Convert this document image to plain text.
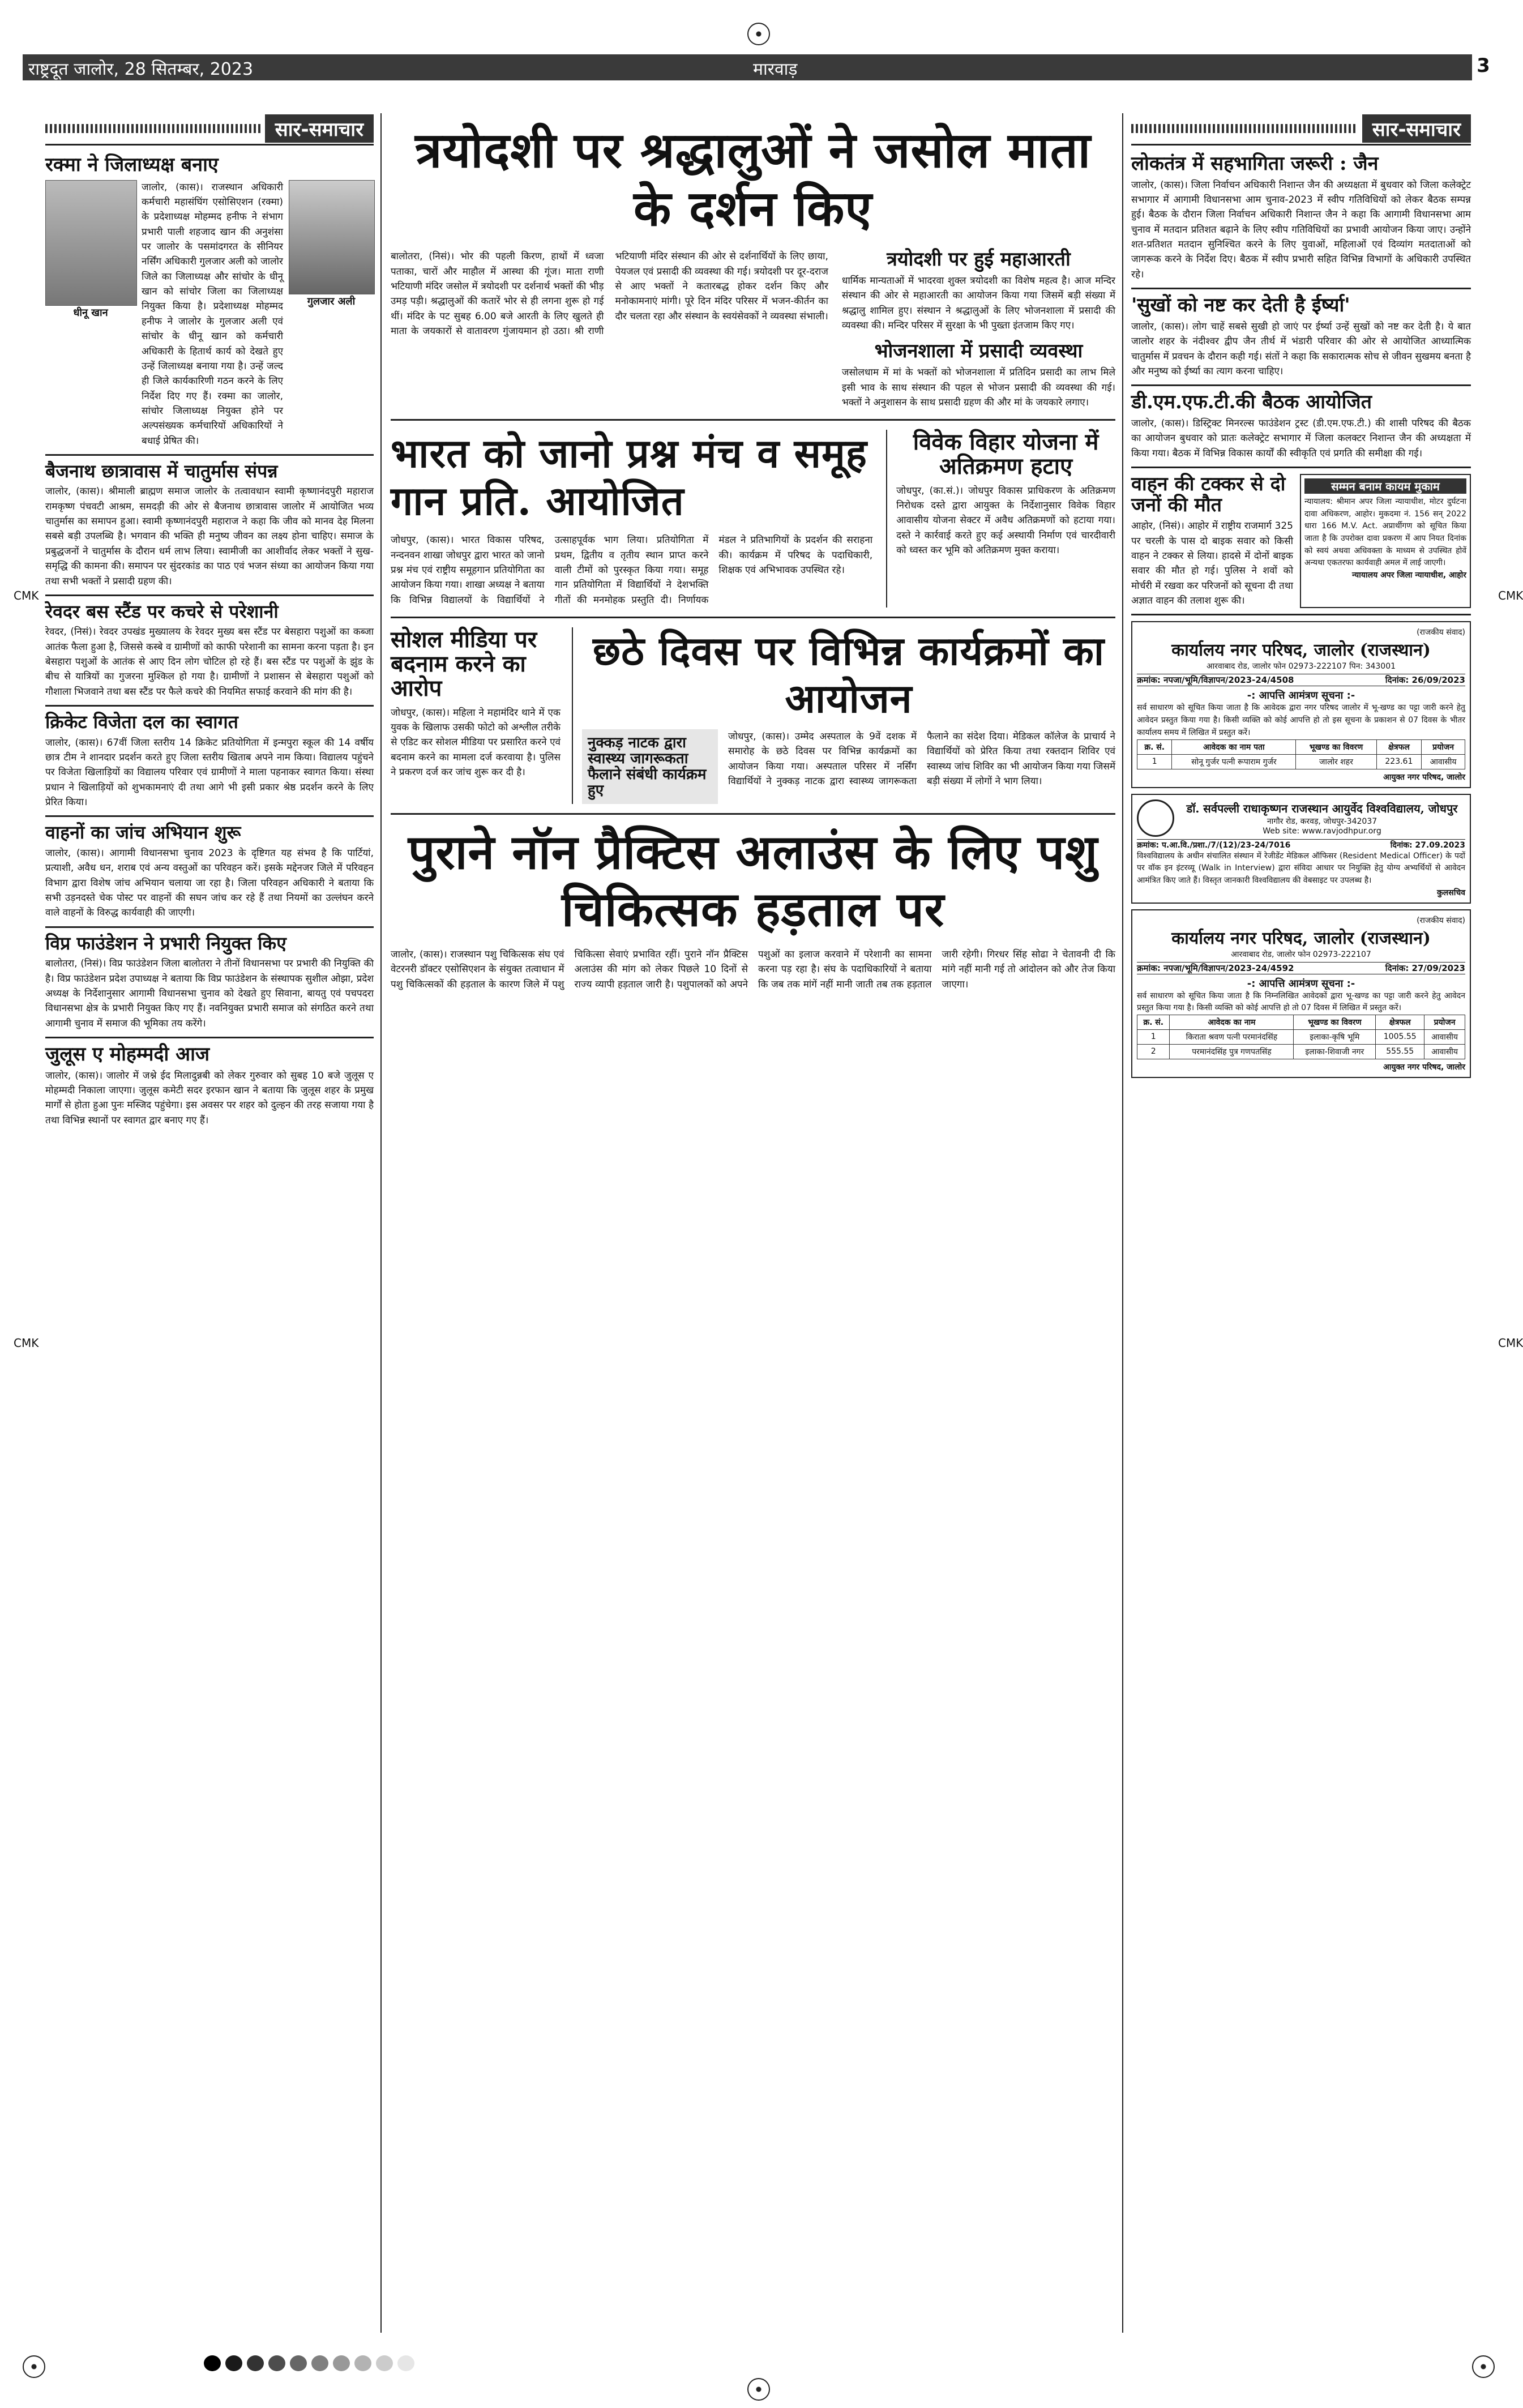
राष्ट्रदूत जालोर, 28 सितम्बर, 2023	मारवाड़	3
CMK	CMK
CMK	CMK
सार-समाचार
रक्मा ने जिलाध्यक्ष बनाए
धीनू खान

जालोर, (कास)। राजस्थान अधिकारी कर्मचारी महासंघिंग एसोसिएशन (रक्मा) के प्रदेशाध्यक्ष मोहम्मद हनीफ ने संभाग प्रभारी पाली शहजाद खान की अनुशंसा पर जालोर के पसमांदगरत के सीनियर नर्सिंग अधिकारी गुलजार अली को जालोर जिले का जिलाध्यक्ष और सांचोर के धीनू खान को सांचोर जिला का जिलाध्यक्ष नियुक्त किया है। प्रदेशाध्यक्ष मोहम्मद हनीफ ने जालोर के गुलजार अली एवं सांचोर के धीनू खान को कर्मचारी अधिकारी के हितार्थ कार्य को देखते हुए उन्हें जिलाध्यक्ष बनाया गया है। उन्हें जल्द ही जिले कार्यकारिणी गठन करने के लिए निर्देश दिए गए हैं। रक्मा का जालोर, सांचोर जिलाध्यक्ष नियुक्त होने पर अल्पसंख्यक कर्मचारियों अधिकारियों ने बधाई प्रेषित की।

गुलजार अली
बैजनाथ छात्रावास में चातुर्मास संपन्न

जालोर, (कास)। श्रीमाली ब्राह्मण समाज जालोर के तत्वावधान स्वामी कृष्णानंदपुरी महाराज रामकृष्ण पंचवटी आश्रम, समदड़ी की ओर से बैजनाथ छात्रावास जालोर में आयोजित भव्य चातुर्मास का समापन हुआ। स्वामी कृष्णानंदपुरी महाराज ने कहा कि जीव को मानव देह मिलना सबसे बड़ी उपलब्धि है। भगवान की भक्ति ही मनुष्य जीवन का लक्ष्य होना चाहिए। समाज के प्रबुद्धजनों ने चातुर्मास के दौरान धर्म लाभ लिया। स्वामीजी का आशीर्वाद लेकर भक्तों ने सुख-समृद्धि की कामना की। समापन पर सुंदरकांड का पाठ एवं भजन संध्या का आयोजन किया गया तथा सभी भक्तों ने प्रसादी ग्रहण की।

रेवदर बस स्टैंड पर कचरे से परेशानी

रेवदर, (निसं)। रेवदर उपखंड मुख्यालय के रेवदर मुख्य बस स्टैंड पर बेसहारा पशुओं का कब्जा आतंक फैला हुआ है, जिससे कस्बे व ग्रामीणों को काफी परेशानी का सामना करना पड़ता है। इन बेसहारा पशुओं के आतंक से आए दिन लोग चोटिल हो रहे हैं। बस स्टैंड पर पशुओं के झुंड के बीच से यात्रियों का गुजरना मुश्किल हो गया है। ग्रामीणों ने प्रशासन से बेसहारा पशुओं को गौशाला भिजवाने तथा बस स्टैंड पर फैले कचरे की नियमित सफाई करवाने की मांग की है।

क्रिकेट विजेता दल का स्वागत

जालोर, (कास)। 67वीं जिला स्तरीय 14 क्रिकेट प्रतियोगिता में इन्मपुरा स्कूल की 14 वर्षीय छात्र टीम ने शानदार प्रदर्शन करते हुए जिला स्तरीय खिताब अपने नाम किया। विद्यालय पहुंचने पर विजेता खिलाड़ियों का विद्यालय परिवार एवं ग्रामीणों ने माला पहनाकर स्वागत किया। संस्था प्रधान ने खिलाड़ियों को शुभकामनाएं दी तथा आगे भी इसी प्रकार श्रेष्ठ प्रदर्शन करने के लिए प्रेरित किया।

वाहनों का जांच अभियान शुरू

जालोर, (कास)। आगामी विधानसभा चुनाव 2023 के दृष्टिगत यह संभव है कि पार्टियां, प्रत्याशी, अवैध धन, शराब एवं अन्य वस्तुओं का परिवहन करें। इसके मद्देनजर जिले में परिवहन विभाग द्वारा विशेष जांच अभियान चलाया जा रहा है। जिला परिवहन अधिकारी ने बताया कि सभी उड़नदस्ते चेक पोस्ट पर वाहनों की सघन जांच कर रहे हैं तथा नियमों का उल्लंघन करने वाले वाहनों के विरुद्ध कार्यवाही की जाएगी।

विप्र फाउंडेशन ने प्रभारी नियुक्त किए

बालोतरा, (निसं)। विप्र फाउंडेशन जिला बालोतरा ने तीनों विधानसभा पर प्रभारी की नियुक्ति की है। विप्र फाउंडेशन प्रदेश उपाध्यक्ष ने बताया कि विप्र फाउंडेशन के संस्थापक सुशील ओझा, प्रदेश अध्यक्ष के निर्देशानुसार आगामी विधानसभा चुनाव को देखते हुए सिवाना, बायतु एवं पचपदरा विधानसभा क्षेत्र के प्रभारी नियुक्त किए गए हैं। नवनियुक्त प्रभारी समाज को संगठित करने तथा आगामी चुनाव में समाज की भूमिका तय करेंगे।

जुलूस ए मोहम्मदी आज

जालोर, (कास)। जालोर में जश्ने ईद मिलादुन्नबी को लेकर गुरुवार को सुबह 10 बजे जुलूस ए मोहम्मदी निकाला जाएगा। जुलूस कमेटी सदर इरफान खान ने बताया कि जुलूस शहर के प्रमुख मार्गों से होता हुआ पुनः मस्जिद पहुंचेगा। इस अवसर पर शहर को दुल्हन की तरह सजाया गया है तथा विभिन्न स्थानों पर स्वागत द्वार बनाए गए हैं।

त्रयोदशी पर श्रद्धालुओं ने जसोल माता के दर्शन किए

बालोतरा, (निसं)। भोर की पहली किरण, हाथों में ध्वजा पताका, चारों और माहौल में आस्था की गूंज। माता राणी भटियाणी मंदिर जसोल में त्रयोदशी पर दर्शनार्थ भक्तों की भीड़ उमड़ पड़ी। श्रद्धालुओं की कतारें भोर से ही लगना शुरू हो गई थीं। मंदिर के पट सुबह 6.00 बजे आरती के लिए खुलते ही माता के जयकारों से वातावरण गुंजायमान हो उठा। श्री राणी भटियाणी मंदिर संस्थान की ओर से दर्शनार्थियों के लिए छाया, पेयजल एवं प्रसादी की व्यवस्था की गई। त्रयोदशी पर दूर-दराज से आए भक्तों ने कतारबद्ध होकर दर्शन किए और मनोकामनाएं मांगी। पूरे दिन मंदिर परिसर में भजन-कीर्तन का दौर चलता रहा और संस्थान के स्वयंसेवकों ने व्यवस्था संभाली।

त्रयोदशी पर हुई महाआरती

धार्मिक मान्यताओं में भादरवा शुक्ल त्रयोदशी का विशेष महत्व है। आज मन्दिर संस्थान की ओर से महाआरती का आयोजन किया गया जिसमें बड़ी संख्या में श्रद्धालु शामिल हुए। संस्थान ने श्रद्धालुओं के लिए भोजनशाला में प्रसादी की व्यवस्था की। मन्दिर परिसर में सुरक्षा के भी पुख्ता इंतजाम किए गए।

भोजनशाला में प्रसादी व्यवस्था

जसोलधाम में मां के भक्तों को भोजनशाला में प्रतिदिन प्रसादी का लाभ मिले इसी भाव के साथ संस्थान की पहल से भोजन प्रसादी की व्यवस्था की गई। भक्तों ने अनुशासन के साथ प्रसादी ग्रहण की और मां के जयकारे लगाए।

भारत को जानो प्रश्न मंच व समूह गान प्रति. आयोजित

जोधपुर, (कास)। भारत विकास परिषद, नन्दनवन शाखा जोधपुर द्वारा भारत को जानो प्रश्न मंच एवं राष्ट्रीय समूहगान प्रतियोगिता का आयोजन किया गया। शाखा अध्यक्ष ने बताया कि विभिन्न विद्यालयों के विद्यार्थियों ने उत्साहपूर्वक भाग लिया। प्रतियोगिता में प्रथम, द्वितीय व तृतीय स्थान प्राप्त करने वाली टीमों को पुरस्कृत किया गया। समूह गान प्रतियोगिता में विद्यार्थियों ने देशभक्ति गीतों की मनमोहक प्रस्तुति दी। निर्णायक मंडल ने प्रतिभागियों के प्रदर्शन की सराहना की। कार्यक्रम में परिषद के पदाधिकारी, शिक्षक एवं अभिभावक उपस्थित रहे।

विवेक विहार योजना में अतिक्रमण हटाए

जोधपुर, (का.सं.)। जोधपुर विकास प्राधिकरण के अतिक्रमण निरोधक दस्ते द्वारा आयुक्त के निर्देशानुसार विवेक विहार आवासीय योजना सेक्टर में अवैध अतिक्रमणों को हटाया गया। दस्ते ने कार्रवाई करते हुए कई अस्थायी निर्माण एवं चारदीवारी को ध्वस्त कर भूमि को अतिक्रमण मुक्त कराया।

सोशल मीडिया पर बदनाम करने का आरोप

जोधपुर, (कास)। महिला ने महामंदिर थाने में एक युवक के खिलाफ उसकी फोटो को अश्लील तरीके से एडिट कर सोशल मीडिया पर प्रसारित करने एवं बदनाम करने का मामला दर्ज करवाया है। पुलिस ने प्रकरण दर्ज कर जांच शुरू कर दी है।

छठे दिवस पर विभिन्न कार्यक्रमों का आयोजन
नुक्कड़ नाटक द्वारा स्वास्थ्य जागरूकता फैलाने संबंधी कार्यक्रम हुए

जोधपुर, (कास)। उम्मेद अस्पताल के 9वें दशक में समारोह के छठे दिवस पर विभिन्न कार्यक्रमों का आयोजन किया गया। अस्पताल परिसर में नर्सिंग विद्यार्थियों ने नुक्कड़ नाटक द्वारा स्वास्थ्य जागरूकता फैलाने का संदेश दिया। मेडिकल कॉलेज के प्राचार्य ने विद्यार्थियों को प्रेरित किया तथा रक्तदान शिविर एवं स्वास्थ्य जांच शिविर का भी आयोजन किया गया जिसमें बड़ी संख्या में लोगों ने भाग लिया।

पुराने नॉन प्रैक्टिस अलाउंस के लिए पशु चिकित्सक हड़ताल पर

जालोर, (कास)। राजस्थान पशु चिकित्सक संघ एवं वेटरनरी डॉक्टर एसोसिएशन के संयुक्त तत्वाधान में पशु चिकित्सकों की हड़ताल के कारण जिले में पशु चिकित्सा सेवाएं प्रभावित रहीं। पुराने नॉन प्रैक्टिस अलाउंस की मांग को लेकर पिछले 10 दिनों से राज्य व्यापी हड़ताल जारी है। पशुपालकों को अपने पशुओं का इलाज करवाने में परेशानी का सामना करना पड़ रहा है। संघ के पदाधिकारियों ने बताया कि जब तक मांगें नहीं मानी जाती तब तक हड़ताल जारी रहेगी। गिरधर सिंह सोढा ने चेतावनी दी कि मांगे नहीं मानी गई तो आंदोलन को और तेज किया जाएगा।

सार-समाचार
लोकतंत्र में सहभागिता जरूरी : जैन

जालोर, (कास)। जिला निर्वाचन अधिकारी निशान्त जैन की अध्यक्षता में बुधवार को जिला कलेक्ट्रेट सभागार में आगामी विधानसभा आम चुनाव-2023 में स्वीप गतिविधियों को लेकर बैठक सम्पन्न हुई। बैठक के दौरान जिला निर्वाचन अधिकारी निशान्त जैन ने कहा कि आगामी विधानसभा आम चुनाव में मतदान प्रतिशत बढ़ाने के लिए स्वीप गतिविधियों का प्रभावी आयोजन किया जाए। उन्होंने शत-प्रतिशत मतदान सुनिश्चित करने के लिए युवाओं, महिलाओं एवं दिव्यांग मतदाताओं को जागरूक करने के निर्देश दिए। बैठक में स्वीप प्रभारी सहित विभिन्न विभागों के अधिकारी उपस्थित रहे।

'सुखों को नष्ट कर देती है ईर्ष्या'

जालोर, (कास)। लोग चाहें सबसे सुखी हो जाएं पर ईर्ष्या उन्हें सुखों को नष्ट कर देती है। ये बात जालोर शहर के नंदीश्वर द्वीप जैन तीर्थ में भंडारी परिवार की ओर से आयोजित आध्यात्मिक चातुर्मास में प्रवचन के दौरान कही गई। संतों ने कहा कि सकारात्मक सोच से जीवन सुखमय बनता है और मनुष्य को ईर्ष्या का त्याग करना चाहिए।

डी.एम.एफ.टी.की बैठक आयोजित

जालोर, (कास)। डिस्ट्रिक्ट मिनरल्स फाउंडेशन ट्रस्ट (डी.एम.एफ.टी.) की शासी परिषद की बैठक का आयोजन बुधवार को प्रातः कलेक्ट्रेट सभागार में जिला कलक्टर निशान्त जैन की अध्यक्षता में किया गया। बैठक में विभिन्न विकास कार्यों की स्वीकृति एवं प्रगति की समीक्षा की गई।

वाहन की टक्कर से दो जनों की मौत

आहोर, (निसं)। आहोर में राष्ट्रीय राजमार्ग 325 पर चरली के पास दो बाइक सवार को किसी वाहन ने टक्कर से लिया। हादसे में दोनों बाइक सवार की मौत हो गई। पुलिस ने शवों को मोर्चरी में रखवा कर परिजनों को सूचना दी तथा अज्ञात वाहन की तलाश शुरू की।

सम्मन बनाम कायम मुकाम

न्यायालय: श्रीमान अपर जिला न्यायाधीश, मोटर दुर्घटना दावा अधिकरण, आहोर। मुकदमा नं. 156 सन् 2022 धारा 166 M.V. Act. अप्रार्थीगण को सूचित किया जाता है कि उपरोक्त दावा प्रकरण में आप नियत दिनांक को स्वयं अथवा अधिवक्ता के माध्यम से उपस्थित होवें अन्यथा एकतरफा कार्यवाही अमल में लाई जाएगी।

न्यायालय अपर जिला न्यायाधीश, आहोर
(राजकीय संवाद)
कार्यालय नगर परिषद, जालोर (राजस्थान)
आरवाबाद रोड, जालोर फोन 02973-222107 पिन: 343001
क्रमांक: नपजा/भूमि/विज्ञापन/2023-24/4508	दिनांक: 26/09/2023
-: आपत्ति आमंत्रण सूचना :-

सर्व साधारण को सूचित किया जाता है कि आवेदक द्वारा नगर परिषद जालोर में भू-खण्ड का पट्टा जारी करने हेतु आवेदन प्रस्तुत किया गया है। किसी व्यक्ति को कोई आपत्ति हो तो इस सूचना के प्रकाशन से 07 दिवस के भीतर कार्यालय समय में लिखित में प्रस्तुत करें।

क्र. सं.	आवेदक का नाम पता	भूखण्ड का विवरण	क्षेत्रफल	प्रयोजन
1	सोनू गुर्जर पत्नी रूपाराम गुर्जर	जालोर शहर	223.61	आवासीय
आयुक्त नगर परिषद, जालोर
डॉ. सर्वपल्ली राधाकृष्णन राजस्थान आयुर्वेद विश्वविद्यालय, जोधपुर
नागौर रोड, करवड़, जोधपुर-342037
Web site: www.ravjodhpur.org
क्रमांक: प.आ.वि./प्रशा./7/(12)/23-24/7016	दिनांक: 27.09.2023

विश्वविद्यालय के अधीन संचालित संस्थान में रेजीडेंट मेडिकल ऑफिसर (Resident Medical Officer) के पदों पर वॉक इन इंटरव्यू (Walk in Interview) द्वारा संविदा आधार पर नियुक्ति हेतु योग्य अभ्यर्थियों से आवेदन आमंत्रित किए जाते हैं। विस्तृत जानकारी विश्वविद्यालय की वेबसाइट पर उपलब्ध है।

कुलसचिव
(राजकीय संवाद)
कार्यालय नगर परिषद, जालोर (राजस्थान)
आरवाबाद रोड, जालोर फोन 02973-222107
क्रमांक: नपजा/भूमि/विज्ञापन/2023-24/4592	दिनांक: 27/09/2023
-: आपत्ति आमंत्रण सूचना :-

सर्व साधारण को सूचित किया जाता है कि निम्नलिखित आवेदकों द्वारा भू-खण्ड का पट्टा जारी करने हेतु आवेदन प्रस्तुत किया गया है। किसी व्यक्ति को कोई आपत्ति हो तो 07 दिवस में लिखित में प्रस्तुत करें।

क्र. सं.	आवेदक का नाम	भूखण्ड का विवरण	क्षेत्रफल	प्रयोजन
1	किराता श्रवण पत्नी परमानंदसिंह	इलाका-कृषि भूमि	1005.55	आवासीय
2	परमानंदसिंह पुत्र गणपतसिंह	इलाका-शिवाजी नगर	555.55	आवासीय
आयुक्त नगर परिषद, जालोर
